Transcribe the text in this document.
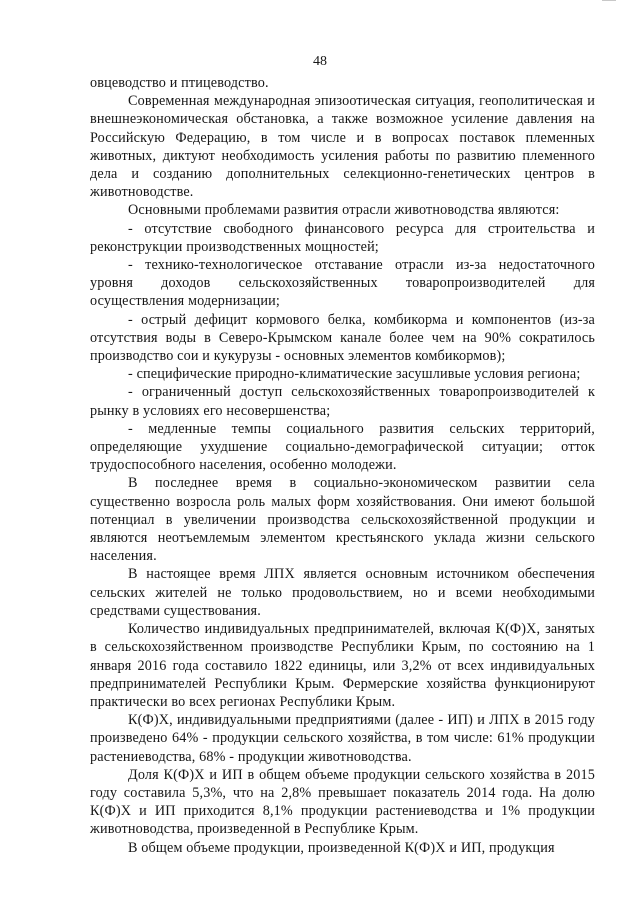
48

овцеводство и птицеводство.

Современная международная эпизоотическая ситуация, геополитическая и внешнеэкономическая обстановка, а также возможное усиление давления на Российскую Федерацию, в том числе и в вопросах поставок племенных животных, диктуют необходимость усиления работы по развитию племенного дела и созданию дополнительных селекционно-генетических центров в животноводстве.

Основными проблемами развития отрасли животноводства являются:

- отсутствие свободного финансового ресурса для строительства и реконструкции производственных мощностей;

- технико-технологическое отставание отрасли из-за недостаточного уровня доходов сельскохозяйственных товаропроизводителей для осуществления модернизации;

- острый дефицит кормового белка, комбикорма и компонентов (из-за отсутствия воды в Северо-Крымском канале более чем на 90% сократилось производство сои и кукурузы - основных элементов комбикормов);

- специфические природно-климатические засушливые условия региона;

- ограниченный доступ сельскохозяйственных товаропроизводителей к рынку в условиях его несовершенства;

- медленные темпы социального развития сельских территорий, определяющие ухудшение социально-демографической ситуации; отток трудоспособного населения, особенно молодежи.

В последнее время в социально-экономическом развитии села существенно возросла роль малых форм хозяйствования. Они имеют большой потенциал в увеличении производства сельскохозяйственной продукции и являются неотъемлемым элементом крестьянского уклада жизни сельского населения.

В настоящее время ЛПХ является основным источником обеспечения сельских жителей не только продовольствием, но и всеми необходимыми средствами существования.

Количество индивидуальных предпринимателей, включая К(Ф)Х, занятых в сельскохозяйственном производстве Республики Крым, по состоянию на 1 января 2016 года составило 1822 единицы, или 3,2% от всех индивидуальных предпринимателей Республики Крым. Фермерские хозяйства функционируют практически во всех регионах Республики Крым.

К(Ф)Х, индивидуальными предприятиями (далее - ИП) и ЛПХ в 2015 году произведено 64% - продукции сельского хозяйства, в том числе: 61% продукции растениеводства, 68% - продукции животноводства.

Доля К(Ф)Х и ИП в общем объеме продукции сельского хозяйства в 2015 году составила 5,3%, что на 2,8% превышает показатель 2014 года. На долю К(Ф)Х и ИП приходится 8,1% продукции растениеводства и 1% продукции животноводства, произведенной в Республике Крым.

В общем объеме продукции, произведенной К(Ф)Х и ИП, продукция
